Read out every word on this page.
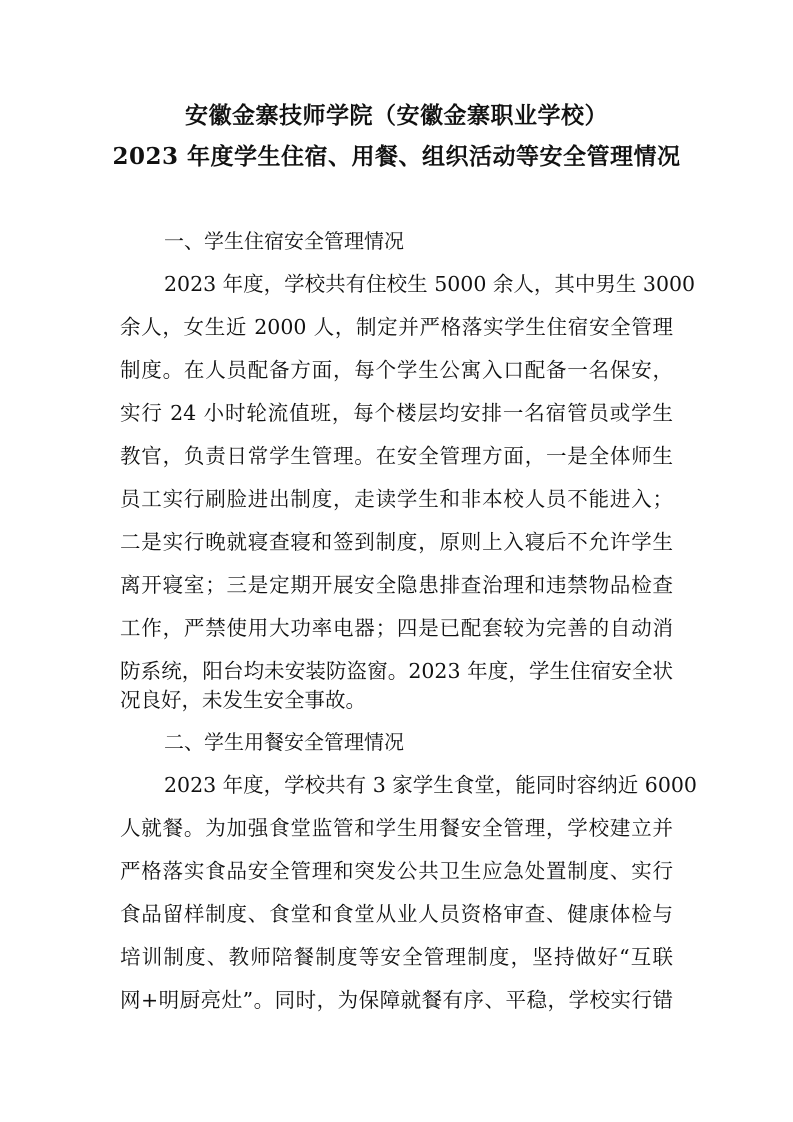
安徽金寨技师学院（安徽金寨职业学校）
2023 年度学生住宿、用餐、组织活动等安全管理情况
一、学生住宿安全管理情况
2023 年度，学校共有住校生 5000 余人，其中男生 3000
余人，女生近 2000 人，制定并严格落实学生住宿安全管理
制度。在人员配备方面，每个学生公寓入口配备一名保安，
实行 24 小时轮流值班，每个楼层均安排一名宿管员或学生
教官，负责日常学生管理。在安全管理方面，一是全体师生
员工实行刷脸进出制度，走读学生和非本校人员不能进入；
二是实行晚就寝查寝和签到制度，原则上入寝后不允许学生
离开寝室；三是定期开展安全隐患排查治理和违禁物品检查
工作，严禁使用大功率电器；四是已配套较为完善的自动消
防系统，阳台均未安装防盗窗。2023 年度，学生住宿安全状
况良好，未发生安全事故。
二、学生用餐安全管理情况
2023 年度，学校共有 3 家学生食堂，能同时容纳近 6000
人就餐。为加强食堂监管和学生用餐安全管理，学校建立并
严格落实食品安全管理和突发公共卫生应急处置制度、实行
食品留样制度、食堂和食堂从业人员资格审查、健康体检与
培训制度、教师陪餐制度等安全管理制度，坚持做好“互联
网+明厨亮灶”。同时，为保障就餐有序、平稳，学校实行错
